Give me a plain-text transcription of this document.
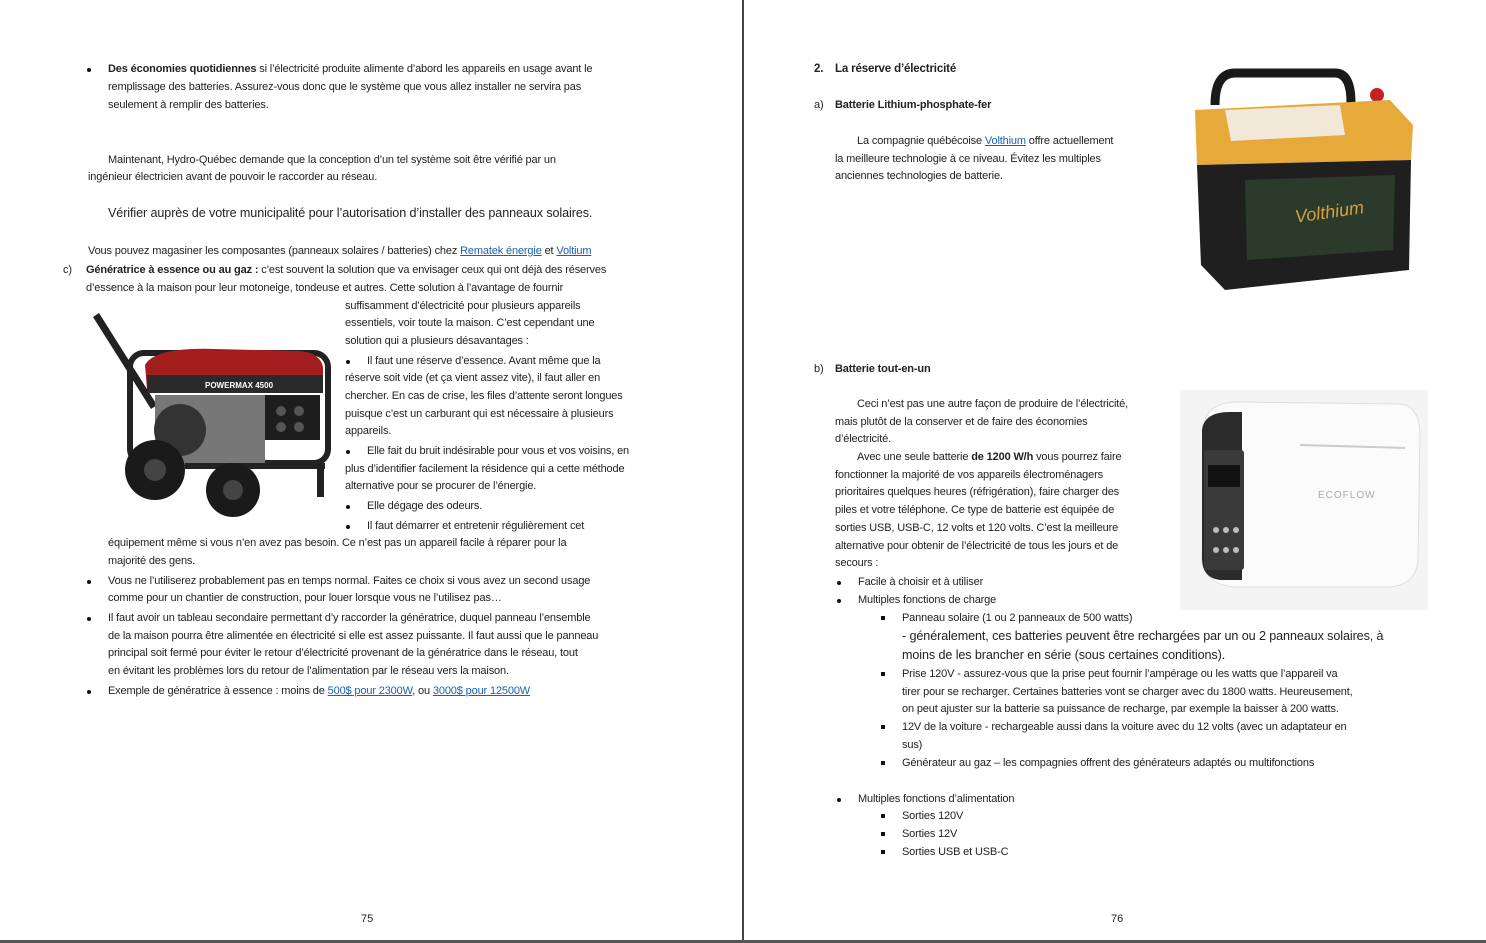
Des économies quotidiennes si l’électricité produite alimente d’abord les appareils en usage avant le
remplissage des batteries. Assurez-vous donc que le système que vous allez installer ne servira pas
seulement à remplir des batteries.
Maintenant, Hydro-Québec demande que la conception d’un tel système soit être vérifié par un
ingénieur électricien avant de pouvoir le raccorder au réseau.
Vérifier auprès de votre municipalité pour l’autorisation d’installer des panneaux solaires.
Vous pouvez magasiner les composantes (panneaux solaires / batteries) chez Rematek énergie et Voltium
c) Génératrice à essence ou au gaz : c’est souvent la solution que va envisager ceux qui ont déjà des réserves
d’essence à la maison pour leur motoneige, tondeuse et autres. Cette solution à l’avantage de fournir
suffisamment d’électricité pour plusieurs appareils
essentiels, voir toute la maison. C’est cependant une
solution qui a plusieurs désavantages :
POWERMAX 4500
Il faut une réserve d’essence. Avant même que la
réserve soit vide (et ça vient assez vite), il faut aller en
chercher. En cas de crise, les files d’attente seront longues
puisque c’est un carburant qui est nécessaire à plusieurs
appareils.
Elle fait du bruit indésirable pour vous et vos voisins, en
plus d’identifier facilement la résidence qui a cette méthode
alternative pour se procurer de l’énergie.
Elle dégage des odeurs.
Il faut démarrer et entretenir régulièrement cet
équipement même si vous n’en avez pas besoin. Ce n’est pas un appareil facile à réparer pour la
majorité des gens.
Vous ne l’utiliserez probablement pas en temps normal. Faites ce choix si vous avez un second usage
comme pour un chantier de construction, pour louer lorsque vous ne l’utilisez pas…
Il faut avoir un tableau secondaire permettant d’y raccorder la génératrice, duquel panneau l’ensemble
de la maison pourra être alimentée en électricité si elle est assez puissante. Il faut aussi que le panneau
principal soit fermé pour éviter le retour d’électricité provenant de la génératrice dans le réseau, tout
en évitant les problèmes lors du retour de l’alimentation par le réseau vers la maison.
Exemple de génératrice à essence : moins de 500$ pour 2300W, ou 3000$ pour 12500W
75
2. La réserve d’électricité
a) Batterie Lithium-phosphate-fer
La compagnie québécoise Volthium offre actuellement
la meilleure technologie à ce niveau. Évitez les multiples
anciennes technologies de batterie.
Volthium
b) Batterie tout-en-un
Ceci n’est pas une autre façon de produire de l’électricité,
mais plutôt de la conserver et de faire des économies
d’électricité.
Avec une seule batterie de 1200 W/h vous pourrez faire
fonctionner la majorité de vos appareils électroménagers
prioritaires quelques heures (réfrigération), faire charger des
piles et votre téléphone. Ce type de batterie est équipée de
sorties USB, USB-C, 12 volts et 120 volts. C’est la meilleure
alternative pour obtenir de l’électricité de tous les jours et de
secours :
ECOFLOW
Facile à choisir et à utiliser
Multiples fonctions de charge
Panneau solaire (1 ou 2 panneaux de 500 watts)
- généralement, ces batteries peuvent être rechargées par un ou 2 panneaux solaires, à
moins de les brancher en série (sous certaines conditions).
Prise 120V - assurez-vous que la prise peut fournir l’ampérage ou les watts que l’appareil va
tirer pour se recharger. Certaines batteries vont se charger avec du 1800 watts. Heureusement,
on peut ajuster sur la batterie sa puissance de recharge, par exemple la baisser à 200 watts.
12V de la voiture - rechargeable aussi dans la voiture avec du 12 volts (avec un adaptateur en
sus)
Générateur au gaz – les compagnies offrent des générateurs adaptés ou multifonctions
Multiples fonctions d’alimentation
Sorties 120V
Sorties 12V
Sorties USB et USB-C
76
